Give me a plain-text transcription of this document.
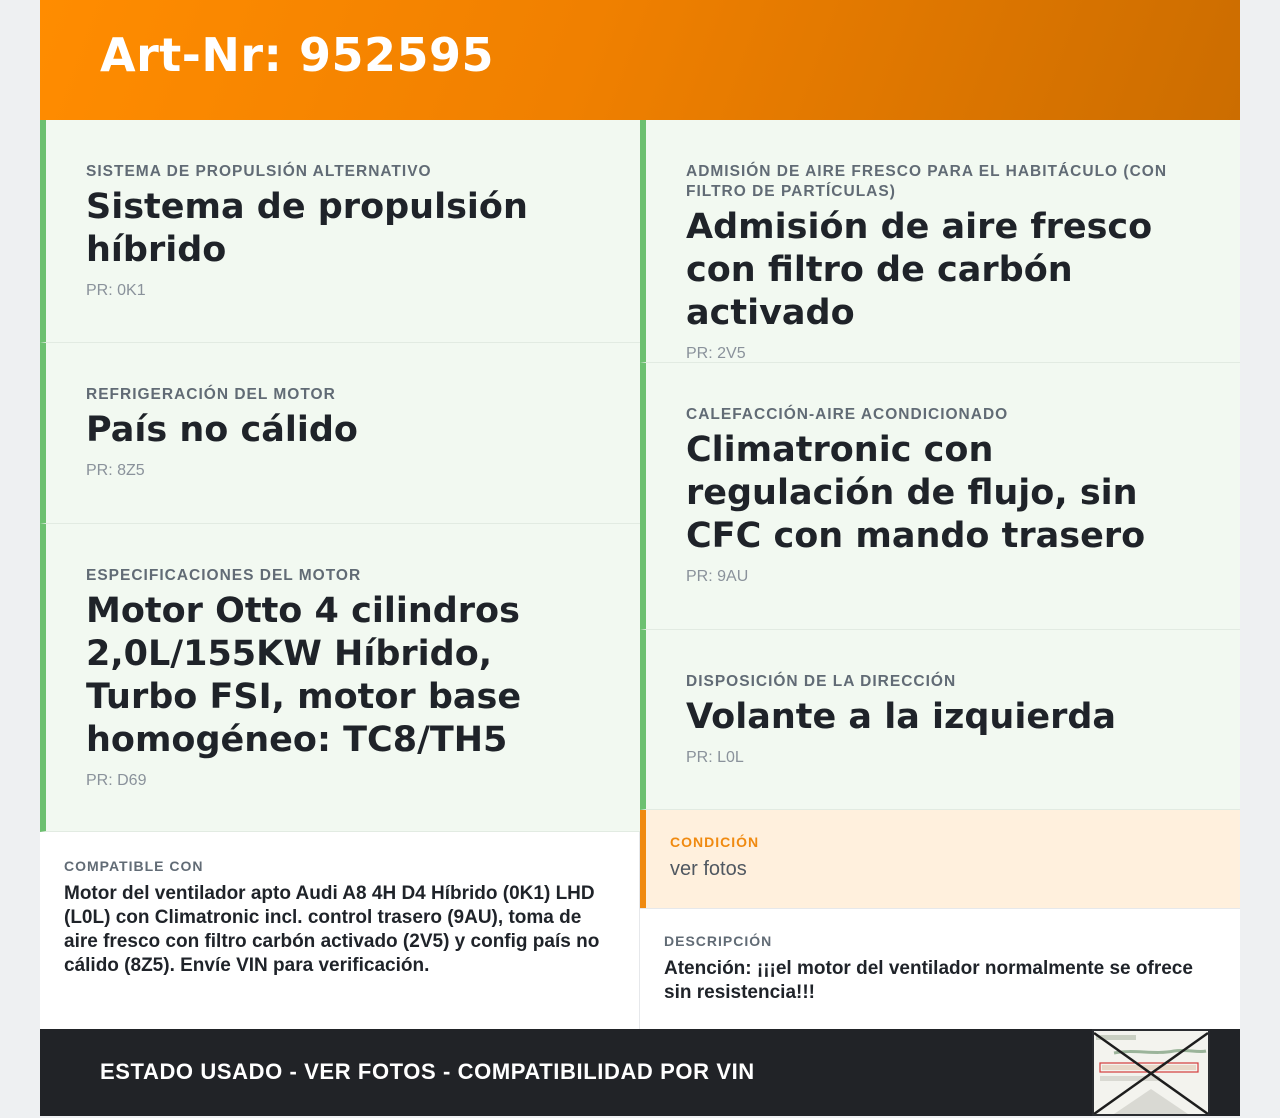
Art-Nr: 952595
SISTEMA DE PROPULSIÓN ALTERNATIVO
Sistema de propulsión híbrido
PR: 0K1
REFRIGERACIÓN DEL MOTOR
País no cálido
PR: 8Z5
ESPECIFICACIONES DEL MOTOR
Motor Otto 4 cilindros 2,0L/155KW Híbrido, Turbo FSI, motor base homogéneo: TC8/TH5
PR: D69
ADMISIÓN DE AIRE FRESCO PARA EL HABITÁCULO (CON FILTRO DE PARTÍCULAS)
Admisión de aire fresco con filtro de carbón activado
PR: 2V5
CALEFACCIÓN-AIRE ACONDICIONADO
Climatronic con regulación de flujo, sin CFC con mando trasero
PR: 9AU
DISPOSICIÓN DE LA DIRECCIÓN
Volante a la izquierda
PR: L0L
COMPATIBLE CON
Motor del ventilador apto Audi A8 4H D4 Híbrido (0K1) LHD (L0L) con Climatronic incl. control trasero (9AU), toma de aire fresco con filtro carbón activado (2V5) y config país no cálido (8Z5). Envíe VIN para verificación.
CONDICIÓN
ver fotos
DESCRIPCIÓN
Atención: ¡¡¡el motor del ventilador normalmente se ofrece sin resistencia!!!
ESTADO USADO - VER FOTOS - COMPATIBILIDAD POR VIN
